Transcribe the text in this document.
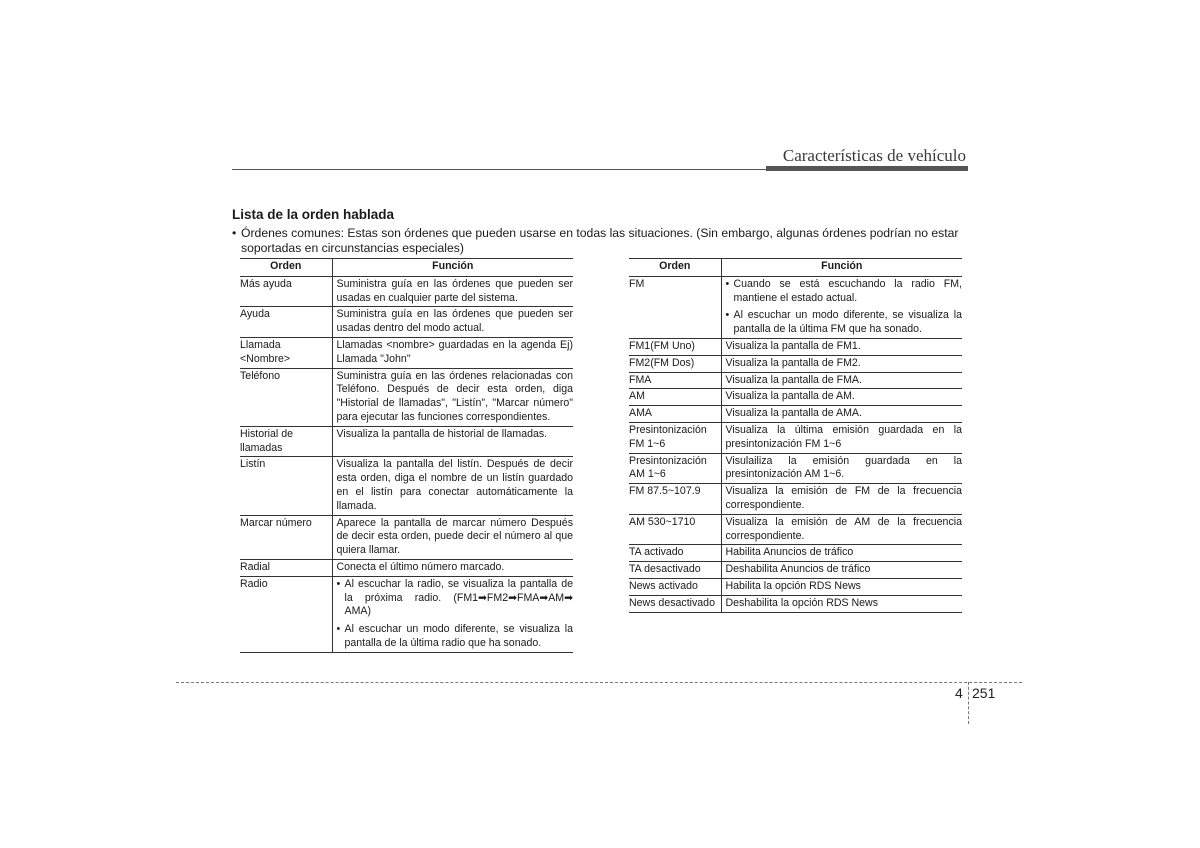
Características de vehículo
Lista de la orden hablada
• Órdenes comunes: Estas son órdenes que pueden usarse en todas las situaciones. (Sin embargo, algunas órdenes podrían no estar soportadas en circunstancias especiales)
Orden	Función
Más ayuda	Suministra guía en las órdenes que pueden ser usadas en cualquier parte del sistema.

Ayuda	Suministra guía en las órdenes que pueden ser usadas dentro del modo actual.

Llamada <Nombre>	Llamadas <nombre> guardadas en la agenda Ej) Llamada "John"

Teléfono	Suministra guía en las órdenes relacionadas con Teléfono. Después de decir esta orden, diga "Historial de llamadas", "Listín", "Marcar número" para ejecutar las funciones correspondientes.

Historial de llamadas	Visualiza la pantalla de historial de llamadas.

Listín	Visualiza la pantalla del listín. Después de decir esta orden, diga el nombre de un listín guardado en el listín para conectar automáticamente la llamada.

Marcar número	Aparece la pantalla de marcar número Después de decir esta orden, puede decir el número al que quiera llamar.

Radial	Conecta el último número marcado.

Radio	• Al escuchar la radio, se visualiza la pantalla de la próxima radio. (FM1➡FM2➡FMA➡AM➡ AMA)
• Al escuchar un modo diferente, se visualiza la pantalla de la última radio que ha sonado.
Orden	Función
FM	• Cuando se está escuchando la radio FM, mantiene el estado actual.
• Al escuchar un modo diferente, se visualiza la pantalla de la última FM que ha sonado.

FM1(FM Uno)	Visualiza la pantalla de FM1.

FM2(FM Dos)	Visualiza la pantalla de FM2.

FMA	Visualiza la pantalla de FMA.

AM	Visualiza la pantalla de AM.

AMA	Visualiza la pantalla de AMA.

Presintonización FM 1~6	Visualiza la última emisión guardada en la presintonización FM 1~6

Presintonización AM 1~6	Visulailiza la emisión guardada en la presintonización AM 1~6.

FM 87.5~107.9	Visualiza la emisión de FM de la frecuencia correspondiente.

AM 530~1710	Visualiza la emisión de AM de la frecuencia correspondiente.

TA activado	Habilita Anuncios de tráfico

TA desactivado	Deshabilita Anuncios de tráfico

News activado	Habilita la opción RDS News

News desactivado	Deshabilita la opción RDS News
4 251
